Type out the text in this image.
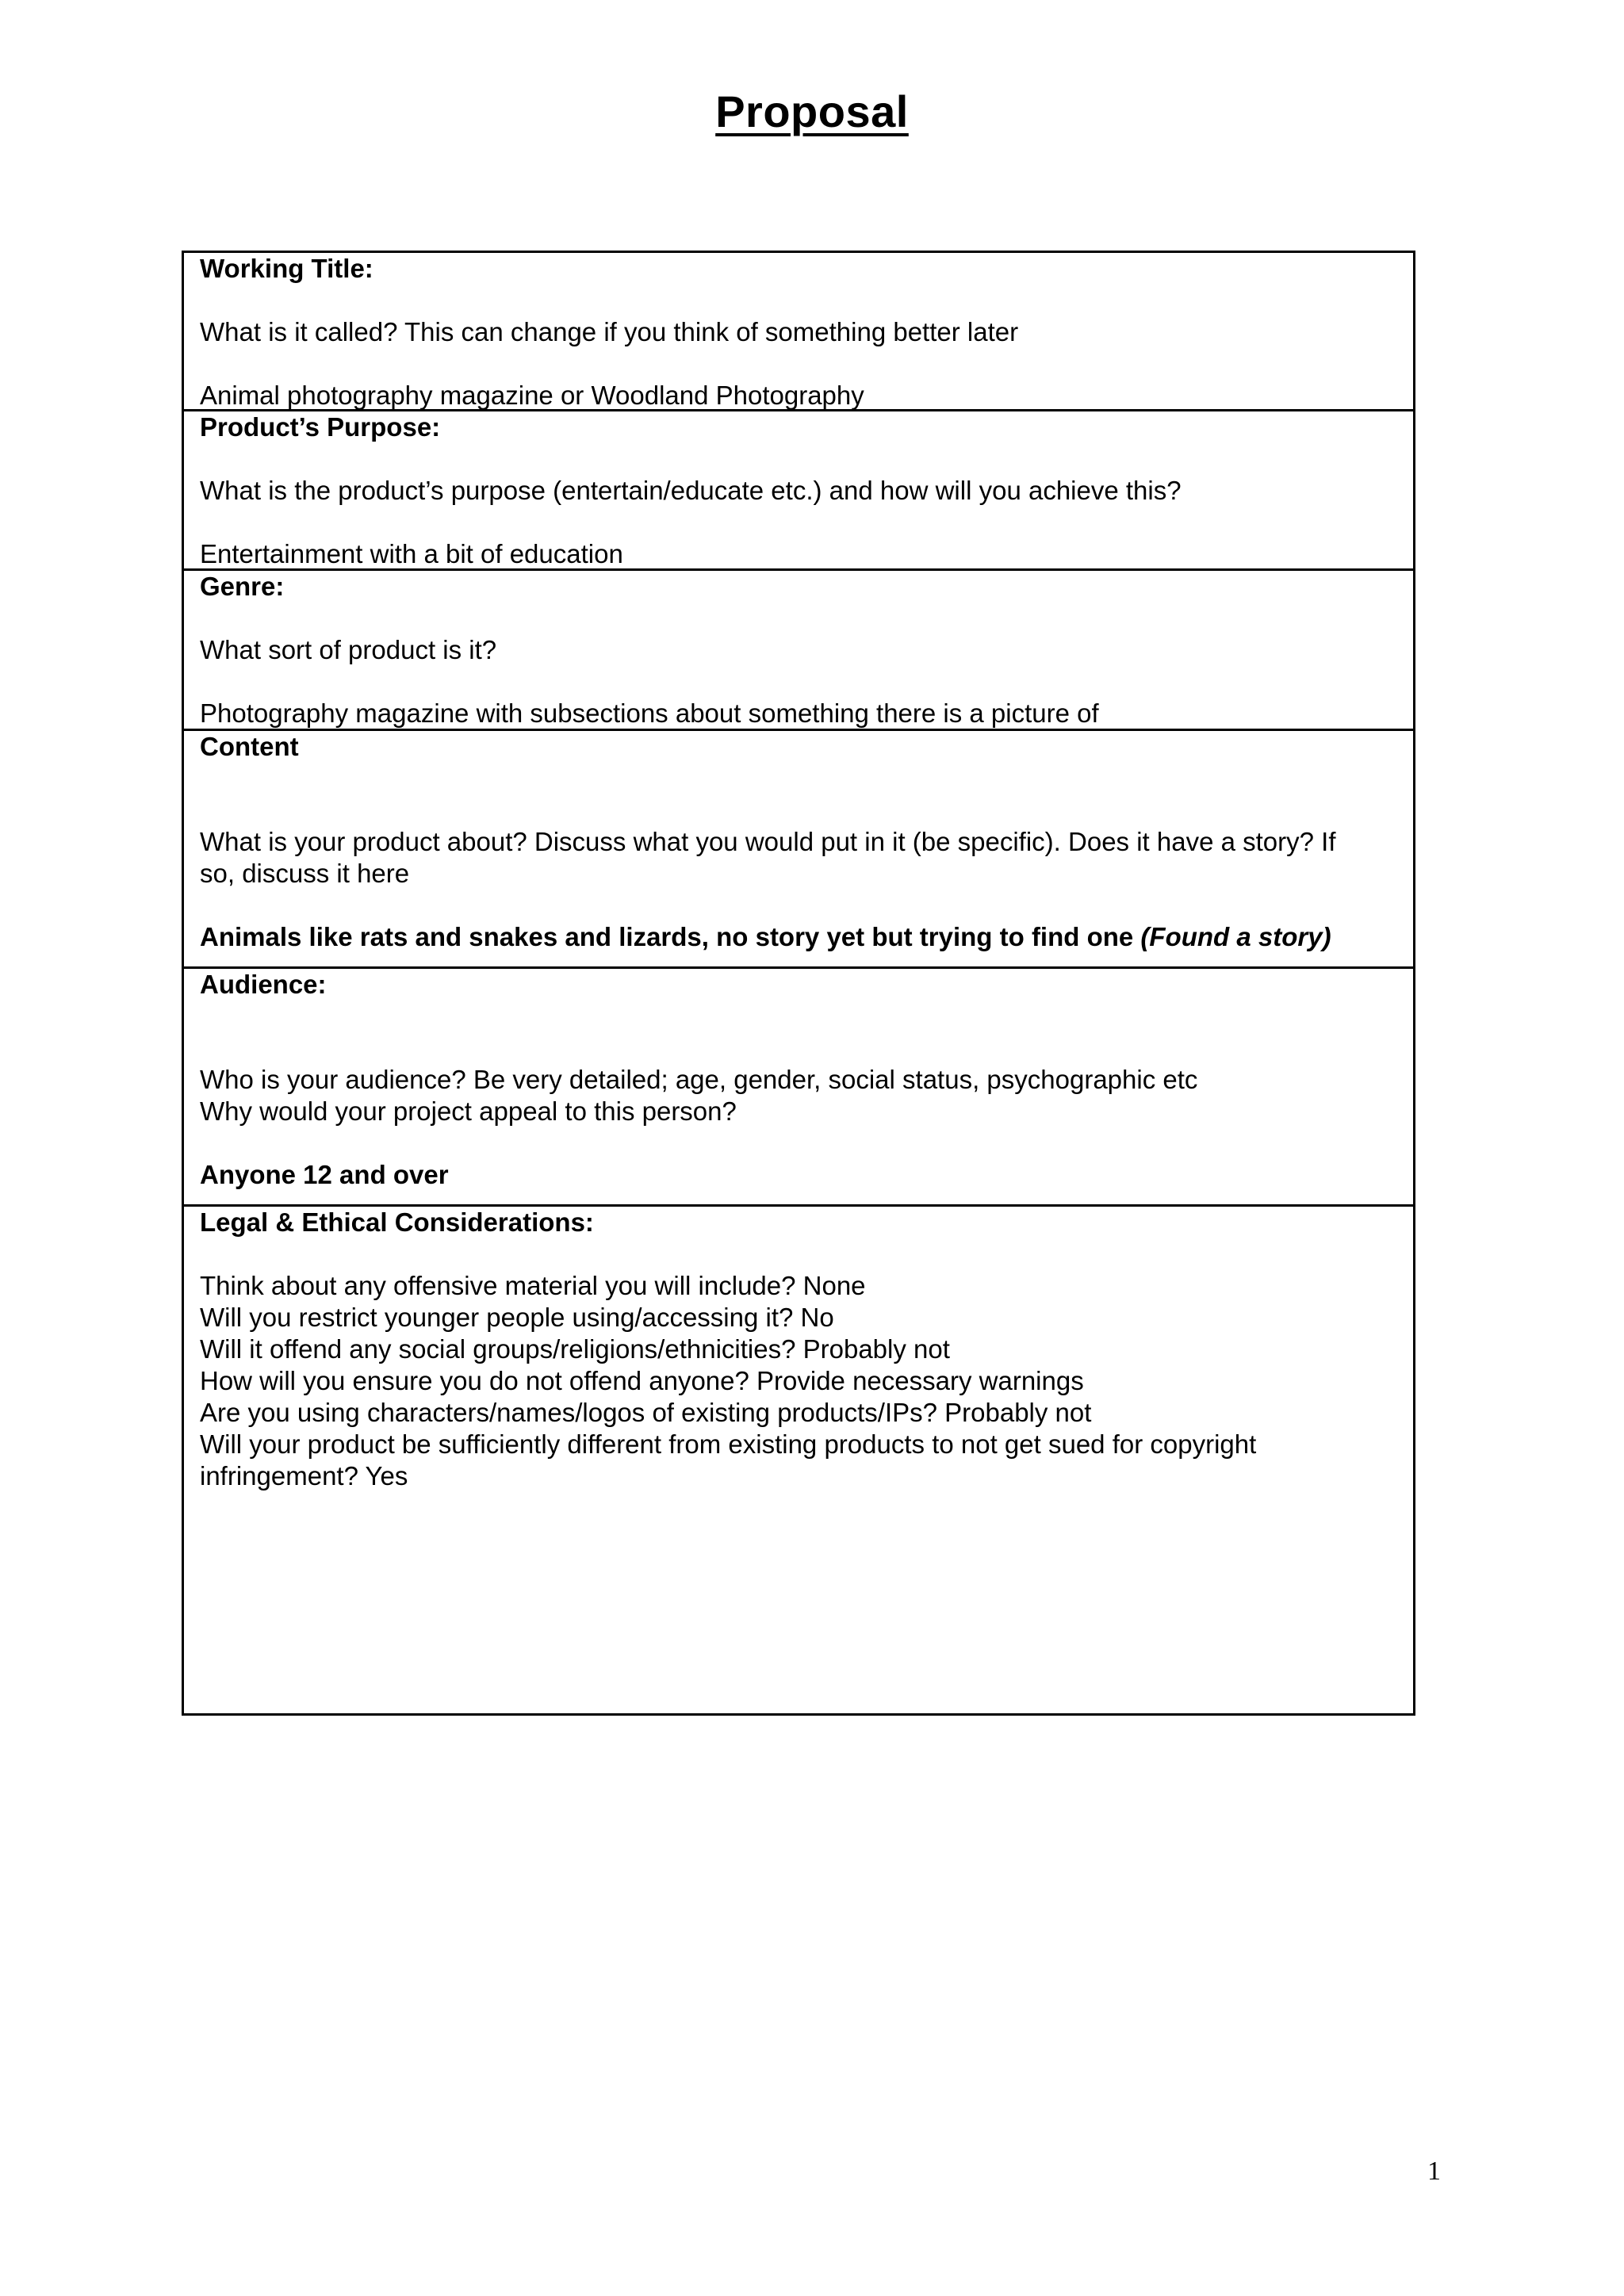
Proposal
Working Title:
What is it called? This can change if you think of something better later
Animal photography magazine or Woodland Photography
Product’s Purpose:
What is the product’s purpose (entertain/educate etc.) and how will you achieve this?
Entertainment with a bit of education
Genre:
What sort of product is it?
Photography magazine with subsections about something there is a picture of
Content
What is your product about? Discuss what you would put in it (be specific). Does it have a story? If
so, discuss it here
Animals like rats and snakes and lizards, no story yet but trying to find one (Found a story)
Audience:
Who is your audience? Be very detailed; age, gender, social status, psychographic etc
Why would your project appeal to this person?
Anyone 12 and over
Legal & Ethical Considerations:
Think about any offensive material you will include? None
Will you restrict younger people using/accessing it? No
Will it offend any social groups/religions/ethnicities? Probably not
How will you ensure you do not offend anyone? Provide necessary warnings
Are you using characters/names/logos of existing products/IPs? Probably not
Will your product be sufficiently different from existing products to not get sued for copyright
infringement? Yes
1
